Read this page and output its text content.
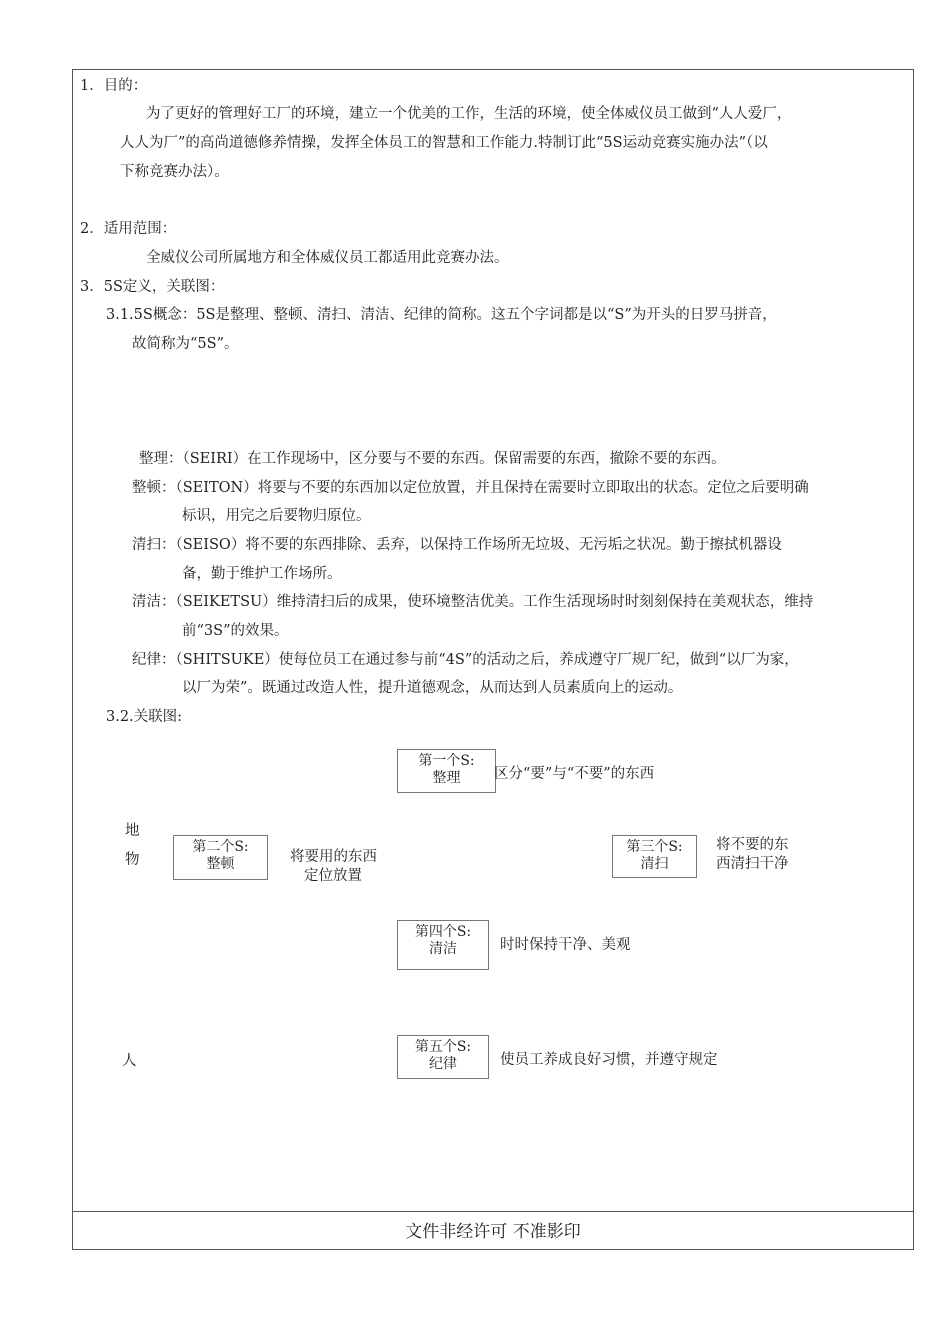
文件非经许可 不准影印
1．目的：
为了更好的管理好工厂的环境，建立一个优美的工作，生活的环境，使全体威仪员工做到“人人爱厂，
人人为厂”的高尚道德修养情操，发挥全体员工的智慧和工作能力.特制订此“5S运动竞赛实施办法”（以
下称竞赛办法）。
2．适用范围：
全威仪公司所属地方和全体威仪员工都适用此竞赛办法。
3．5S定义，关联图：
3.1.5S概念：5S是整理、整顿、清扫、清洁、纪律的简称。这五个字词都是以“S”为开头的日罗马拼音，
故简称为“5S”。
整理：（SEIRI）在工作现场中，区分要与不要的东西。保留需要的东西，撤除不要的东西。
整顿：（SEITON）将要与不要的东西加以定位放置，并且保持在需要时立即取出的状态。定位之后要明确
标识，用完之后要物归原位。
清扫：（SEISO）将不要的东西排除、丢弃，以保持工作场所无垃圾、无污垢之状况。勤于擦拭机器设
备，勤于维护工作场所。
清洁：（SEIKETSU）维持清扫后的成果，使环境整洁优美。工作生活现场时时刻刻保持在美观状态，维持
前“3S”的效果。
纪律：（SHITSUKE）使每位员工在通过参与前“4S”的活动之后，养成遵守厂规厂纪，做到“以厂为家，
以厂为荣”。既通过改造人性，提升道德观念，从而达到人员素质向上的运动。
3.2.关联图:
第一个S:
整理	区分“要”与“不要”的东西
地
物
第二个S:
整顿	将要用的东西
定位放置
第三个S:
清扫
将不要的东
西清扫干净
第四个S:
清洁	时时保持干净、美观
人
第五个S:
纪律	使员工养成良好习惯，并遵守规定
